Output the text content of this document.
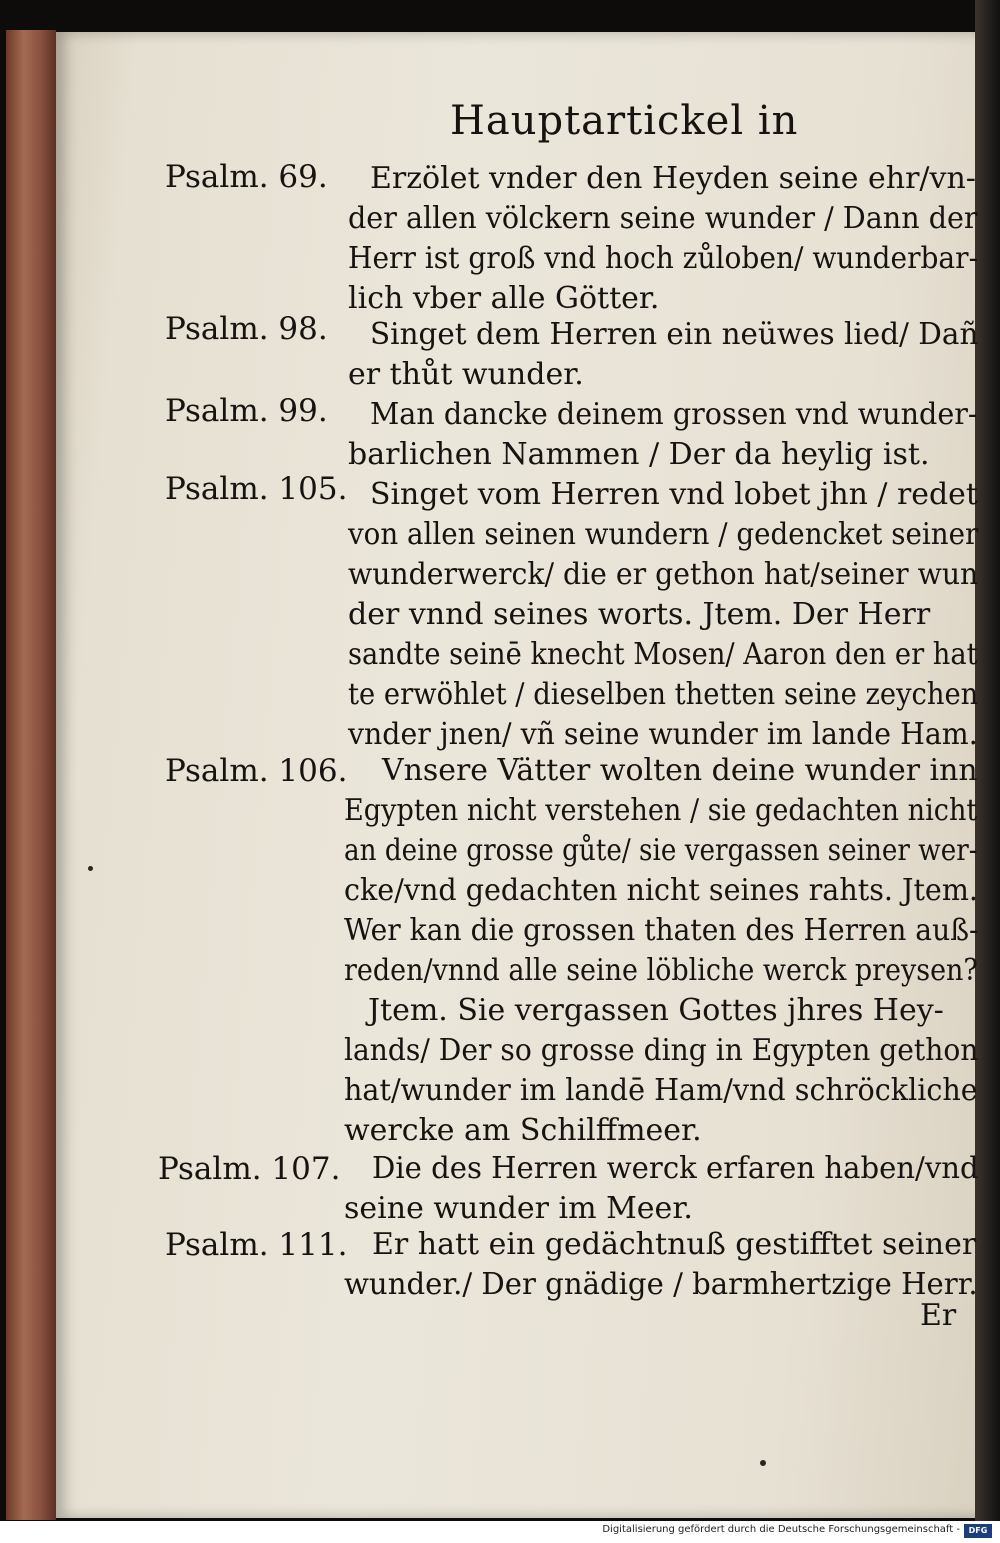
Hauptartickel in
Psalm. 69.	Erzölet vnder den Heyden seine ehr/vn-
der allen völckern seine wunder / Dann der
Herr ist groß vnd hoch zůloben/ wunderbar-
lich vber alle Götter.
Psalm. 98.	Singet dem Herren ein neüwes lied/ Dañ
er thůt wunder.
Psalm. 99.	Man dancke deinem grossen vnd wunder-
barlichen Nammen / Der da heylig ist.
Psalm. 105. Singet vom Herren vnd lobet jhn / redet
von allen seinen wundern / gedencket seiner
wunderwerck/ die er gethon hat/seiner wun
der vnnd seines worts. Jtem. Der Herr
sandte seinē knecht Mosen/ Aaron den er hat
te erwöhlet / dieselben thetten seine zeychen
vnder jnen/ vñ seine wunder im lande Ham.
Psalm. 106. Vnsere Vätter wolten deine wunder inn
Egypten nicht verstehen / sie gedachten nicht
an deine grosse gůte/ sie vergassen seiner wer-
cke/vnd gedachten nicht seines rahts. Jtem.
Wer kan die grossen thaten des Herren auß-
reden/vnnd alle seine löbliche werck preysen?
Jtem. Sie vergassen Gottes jhres Hey-
lands/ Der so grosse ding in Egypten gethon
hat/wunder im landē Ham/vnd schröckliche
wercke am Schilffmeer.
Psalm. 107. Die des Herren werck erfaren haben/vnd
seine wunder im Meer.
Psalm. 111. Er hatt ein gedächtnuß gestifftet seiner
wunder./ Der gnädige / barmhertzige Herr.
Er
Digitalisierung gefördert durch die Deutsche Forschungsgemeinschaft -	DFG
